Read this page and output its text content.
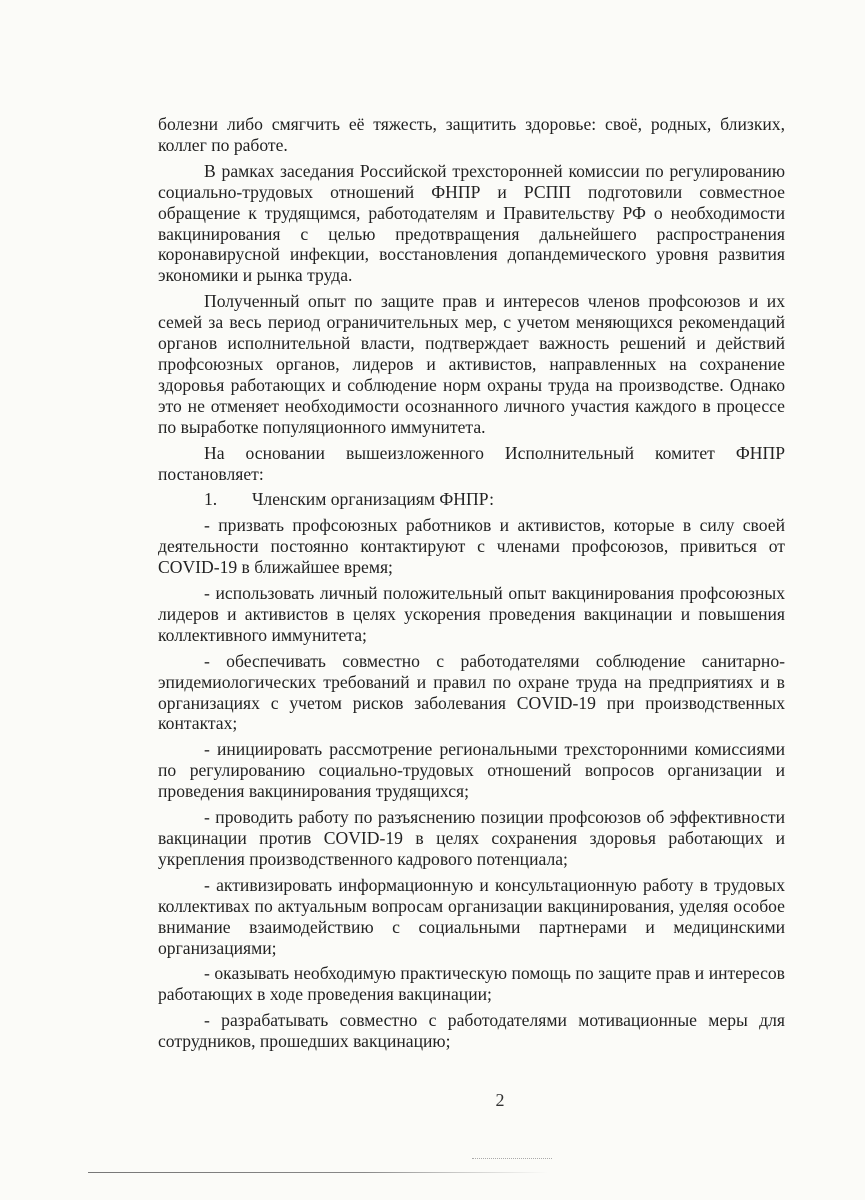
болезни либо смягчить её тяжесть, защитить здоровье: своё, родных, близких, коллег по работе.

В рамках заседания Российской трехсторонней комиссии по регулированию социально-трудовых отношений ФНПР и РСПП подготовили совместное обращение к трудящимся, работодателям и Правительству РФ о необходимости вакцинирования с целью предотвращения дальнейшего распространения коронавирусной инфекции, восстановления допандемического уровня развития экономики и рынка труда.

Полученный опыт по защите прав и интересов членов профсоюзов и их семей за весь период ограничительных мер, с учетом меняющихся рекомендаций органов исполнительной власти, подтверждает важность решений и действий профсоюзных органов, лидеров и активистов, направленных на сохранение здоровья работающих и соблюдение норм охраны труда на производстве. Однако это не отменяет необходимости осознанного личного участия каждого в процессе по выработке популяционного иммунитета.

На основании вышеизложенного Исполнительный комитет ФНПР постановляет:

1. Членским организациям ФНПР:

- призвать профсоюзных работников и активистов, которые в силу своей деятельности постоянно контактируют с членами профсоюзов, привиться от COVID-19 в ближайшее время;

- использовать личный положительный опыт вакцинирования профсоюзных лидеров и активистов в целях ускорения проведения вакцинации и повышения коллективного иммунитета;

- обеспечивать совместно с работодателями соблюдение санитарно-эпидемиологических требований и правил по охране труда на предприятиях и в организациях с учетом рисков заболевания COVID-19 при производственных контактах;

- инициировать рассмотрение региональными трехсторонними комиссиями по регулированию социально-трудовых отношений вопросов организации и проведения вакцинирования трудящихся;

- проводить работу по разъяснению позиции профсоюзов об эффективности вакцинации против COVID-19 в целях сохранения здоровья работающих и укрепления производственного кадрового потенциала;

- активизировать информационную и консультационную работу в трудовых коллективах по актуальным вопросам организации вакцинирования, уделяя особое внимание взаимодействию с социальными партнерами и медицинскими организациями;

- оказывать необходимую практическую помощь по защите прав и интересов работающих в ходе проведения вакцинации;

- разрабатывать совместно с работодателями мотивационные меры для сотрудников, прошедших вакцинацию;

2
